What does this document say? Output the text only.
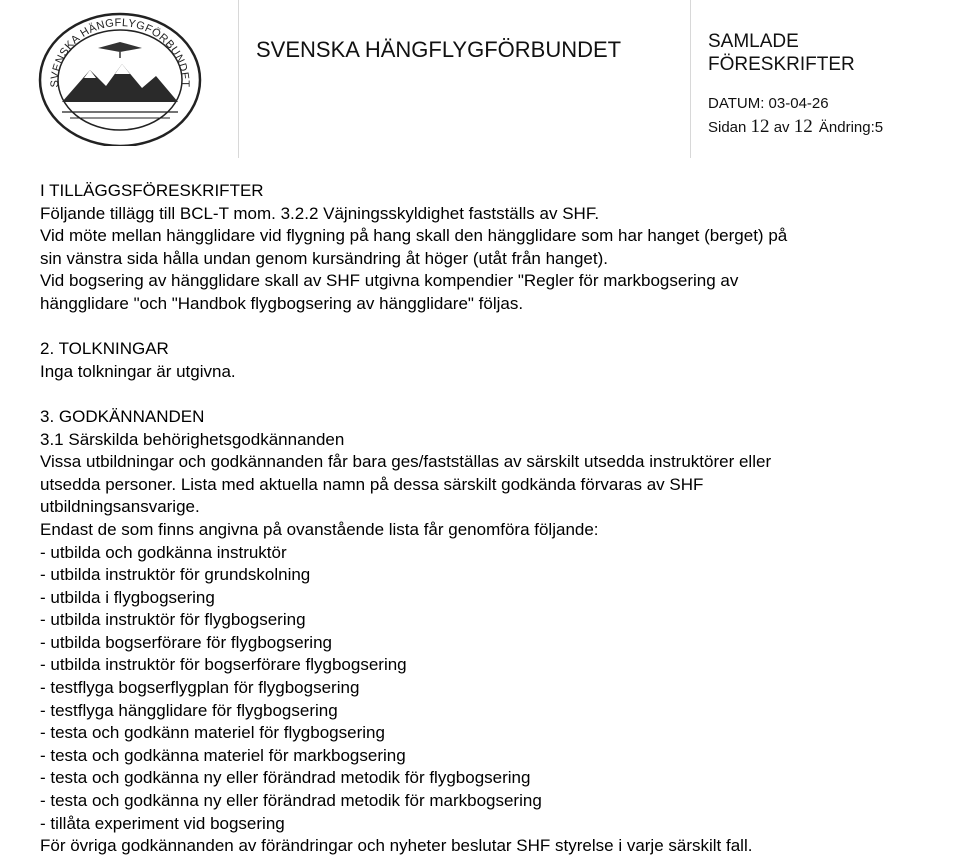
SVENSKA HÄNGFLYGFÖRBUNDET
SVENSKA HÄNGFLYGFÖRBUNDET	SAMLADE
FÖRESKRIFTER
DATUM: 03-04-26
Sidan 12 av 12 Ändring:5
I TILLÄGGSFÖRESKRIFTER
Följande tillägg till BCL-T mom. 3.2.2 Väjningsskyldighet fastställs av SHF.
Vid möte mellan hängglidare vid flygning på hang skall den hängglidare som har hanget (berget) på
sin vänstra sida hålla undan genom kursändring åt höger (utåt från hanget).
Vid bogsering av hängglidare skall av SHF utgivna kompendier "Regler för markbogsering av
hängglidare "och "Handbok flygbogsering av hängglidare" följas.
2. TOLKNINGAR
Inga tolkningar är utgivna.
3. GODKÄNNANDEN
3.1 Särskilda behörighetsgodkännanden
Vissa utbildningar och godkännanden får bara ges/fastställas av särskilt utsedda instruktörer eller
utsedda personer. Lista med aktuella namn på dessa särskilt godkända förvaras av SHF
utbildningsansvarige.
Endast de som finns angivna på ovanstående lista får genomföra följande:
- utbilda och godkänna instruktör
- utbilda instruktör för grundskolning
- utbilda i flygbogsering
- utbilda instruktör för flygbogsering
- utbilda bogserförare för flygbogsering
- utbilda instruktör för bogserförare flygbogsering
- testflyga bogserflygplan för flygbogsering
- testflyga hängglidare för flygbogsering
- testa och godkänn materiel för flygbogsering
- testa och godkänna materiel för markbogsering
- testa och godkänna ny eller förändrad metodik för flygbogsering
- testa och godkänna ny eller förändrad metodik för markbogsering
- tillåta experiment vid bogsering
För övriga godkännanden av förändringar och nyheter beslutar SHF styrelse i varje särskilt fall.
